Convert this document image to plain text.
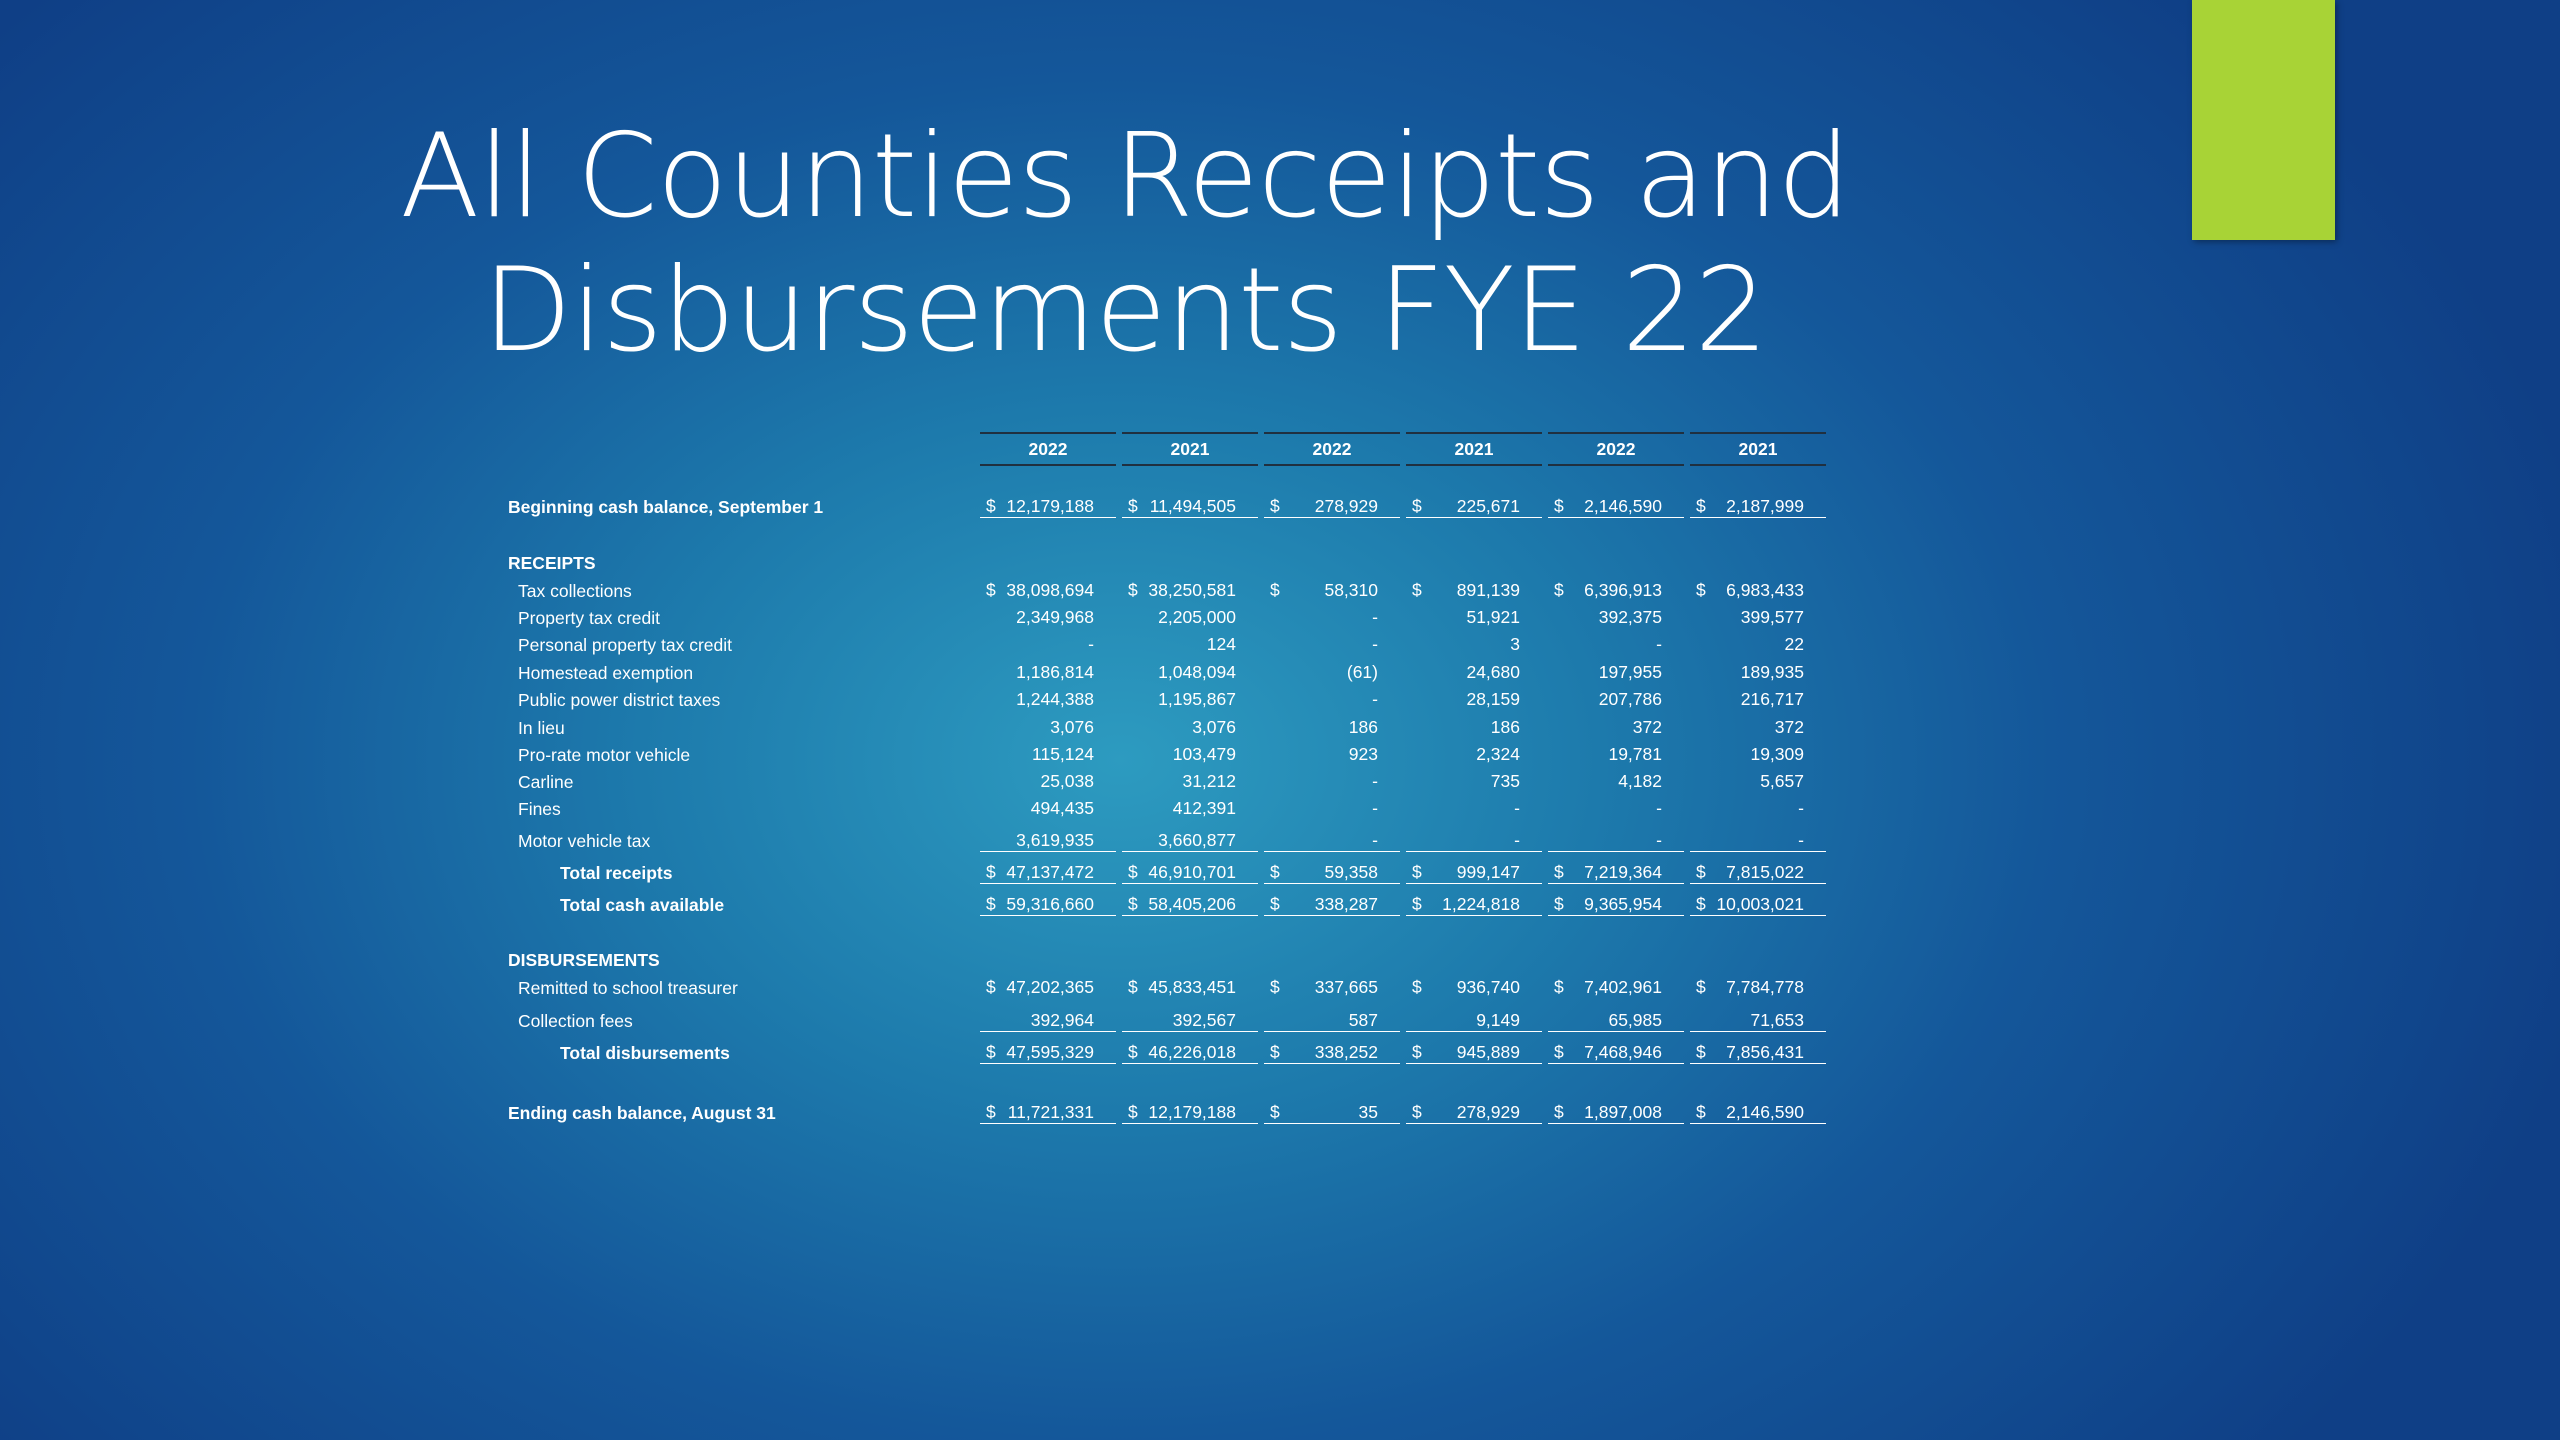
All Counties Receipts and
Disbursements FYE 22
2022	2021	2022	2021	2022	2021
Beginning cash balance, September 1	$ 12,179,188	$ 11,494,505	$ 278,929	$ 225,671	$ 2,146,590	$ 2,187,999
RECEIPTS
Tax collections	$ 38,098,694	$ 38,250,581	$	58,310	$ 891,139	$ 6,396,913	$ 6,983,433
Property tax credit	2,349,968	2,205,000	-	51,921	392,375	399,577
Personal property tax credit	-	124	-	3	-	22
Homestead exemption	1,186,814	1,048,094	(61)	24,680	197,955	189,935
Public power district taxes	1,244,388	1,195,867	-	28,159	207,786	216,717
In lieu	3,076	3,076	186	186	372	372
Pro-rate motor vehicle	115,124	103,479	923	2,324	19,781	19,309
Carline	25,038	31,212	-	735	4,182	5,657
Fines	494,435	412,391	-	-	-	-
Motor vehicle tax	3,619,935	3,660,877	-	-	-	-
Total receipts	$ 47,137,472	$ 46,910,701	$	59,358	$ 999,147	$ 7,219,364	$ 7,815,022
Total cash available	$ 59,316,660	$ 58,405,206	$ 338,287	$ 1,224,818	$ 9,365,954	$ 10,003,021
DISBURSEMENTS
Remitted to school treasurer	$ 47,202,365	$ 45,833,451	$ 337,665	$ 936,740	$ 7,402,961	$ 7,784,778
Collection fees	392,964	392,567	587	9,149	65,985	71,653
Total disbursements	$ 47,595,329	$ 46,226,018	$ 338,252	$ 945,889	$ 7,468,946	$ 7,856,431
Ending cash balance, August 31	$ 11,721,331	$ 12,179,188	$	35	$ 278,929	$ 1,897,008	$ 2,146,590
